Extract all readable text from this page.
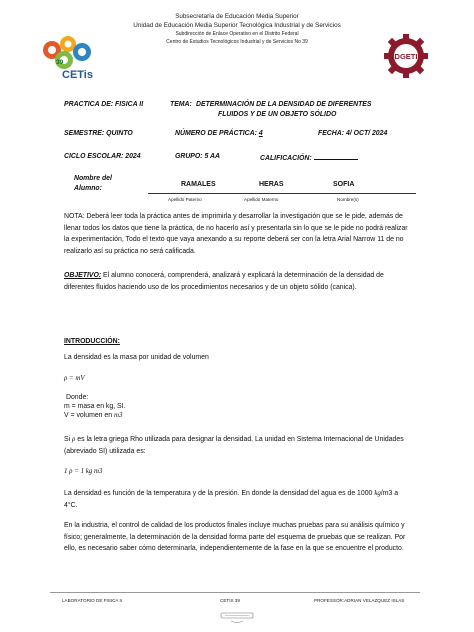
Subsecretaría de Educación Media Superior
Unidad de Educación Media Superior Tecnológica Industrial y de Servicios
Subdirección de Enlace Operativo en el Distrito Federal
Centro de Estudios Tecnológicos Industrial y de Servicios No 39
39
CETis
DGETI
PRACTICA DE: FISICA II	TEMA: DETERMINACIÓN DE LA DENSIDAD DE DIFERENTES
FLUIDOS Y DE UN OBJETO SÓLIDO
SEMESTRE: QUINTO	NÚMERO DE PRÁCTICA: 4	FECHA: 4/ OCT/ 2024
CICLO ESCOLAR: 2024	GRUPO: 5 AA	CALIFICACIÓN:
Nombre del
Alumno:
RAMALES	HERAS	SOFIA
Apellido Paterno	Apellido Materno	Nombre(s)
NOTA: Deberá leer toda la práctica antes de imprimirla y desarrollar la investigación que se le pide, además de llenar todos los datos que tiene la práctica, de no hacerlo así y presentarla sin lo que se le pide no podrá realizar la experimentación, Todo el texto que vaya anexando a su reporte deberá ser con la letra Arial Narrow 11 de no realizarlo así su práctica no será calificada.
OBJETIVO: El alumno conocerá, comprenderá, analizará y explicará la determinación de la densidad de diferentes fluidos haciendo uso de los procedimientos necesarios y de un objeto sólido (canica).
INTRODUCCIÓN:
La densidad es la masa por unidad de volumen
ρ = mV
Donde:
m = masa en kg, SI.
V = volumen en m3
Si ρ es la letra griega Rho utilizada para designar la densidad. La unidad en Sistema Internacional de Unidades (abreviado SI) utilizada es:
1 ρ = 1 kg m3
La densidad es función de la temperatura y de la presión. En donde la densidad del agua es de 1000 kg/m3 a 4°C.
En la industria, el control de calidad de los productos finales incluye muchas pruebas para su análisis químico y físico; generalmente, la determinación de la densidad forma parte del esquema de pruebas que se realizan. Por ello, es necesario saber cómo determinarla, independientemente de la fase en la que se encuentre el producto.
LABORATORIO DE FISICA II	CETIS 39	PROFESSOR:ADRIAN VELAZQUEZ ISLAS
